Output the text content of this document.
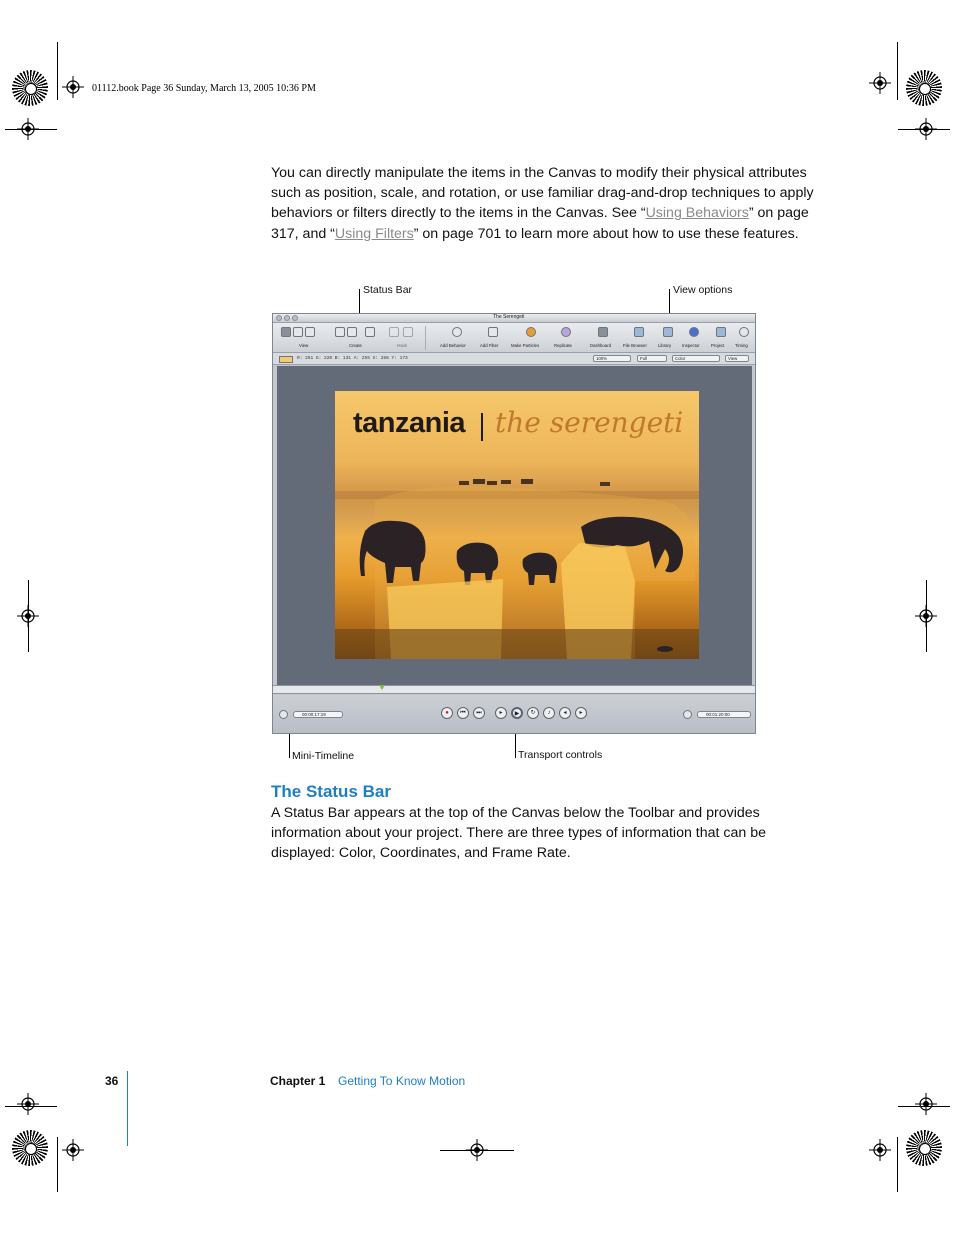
01112.book Page 36 Sunday, March 13, 2005 10:36 PM

You can directly manipulate the items in the Canvas to modify their physical attributes such as position, scale, and rotation, or use familiar drag-and-drop techniques to apply behaviors or filters directly to the items in the Canvas. See “Using Behaviors” on page 317, and “Using Filters” on page 701 to learn more about how to use these features.

Status Bar	View options
Mini-Timeline	Transport controls
The Serengeti
View	Create	Mask	Add Behavior	Add Filter	Make Particles	Replicate	Dashboard	File Browser	Library	Inspector	Project Timing
R: 251 G: 220 B: 131 A: 255 X: 298 Y: 173	100%	Full	Color	View
tanzania the serengeti
00:00:17:19	●	⏮	⏭	▸	▶	↻	♪	◂	▸	00:01:20:00
The Status Bar

A Status Bar appears at the top of the Canvas below the Toolbar and provides information about your project. There are three types of information that can be displayed: Color, Coordinates, and Frame Rate.

36	Chapter 1 Getting To Know Motion
